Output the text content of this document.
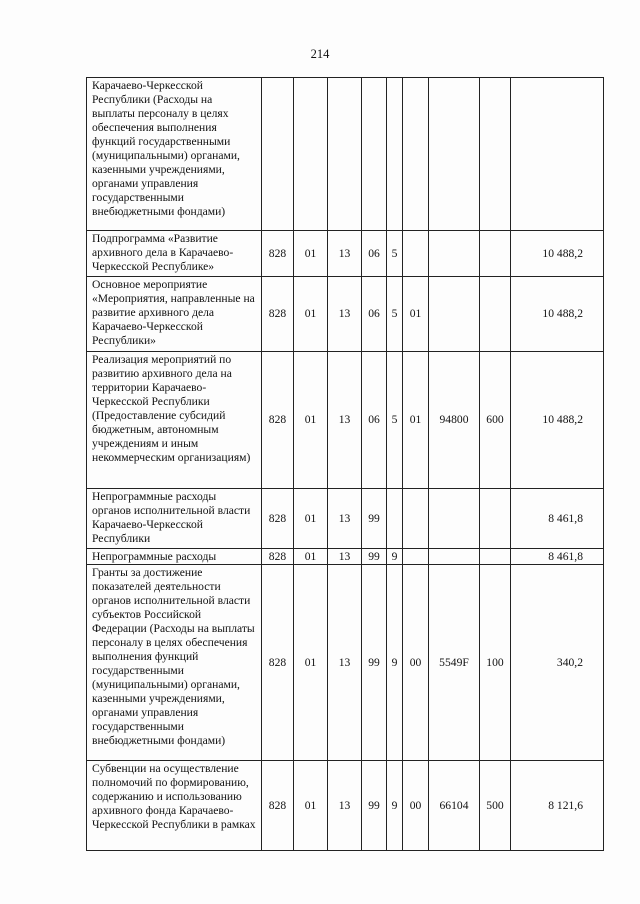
214
Карачаево-Черкесской Республики (Расходы на выплаты персоналу в целях обеспечения выполнения функций государственными (муниципальными) органами, казенными учреждениями, органами управления государственными внебюджетными фондами)									
Подпрограмма «Развитие архивного дела в Карачаево-Черкесской Республике»	828	01	13	06	5				10 488,2
Основное мероприятие «Мероприятия, направленные на развитие архивного дела Карачаево-Черкесской Республики»	828	01	13	06	5	01			10 488,2
Реализация мероприятий по развитию архивного дела на территории Карачаево-Черкесской Республики (Предоставление субсидий бюджетным, автономным учреждениям и иным некоммерческим организациям)	828	01	13	06	5	01	94800	600	10 488,2
Непрограммные расходы органов исполнительной власти Карачаево-Черкесской Республики	828	01	13	99					8 461,8
Непрограммные расходы	828	01	13	99	9				8 461,8
Гранты за достижение показателей деятельности органов исполнительной власти субъектов Российской Федерации (Расходы на выплаты персоналу в целях обеспечения выполнения функций государственными (муниципальными) органами, казенными учреждениями, органами управления государственными внебюджетными фондами)	828	01	13	99	9	00	5549F	100	340,2
Субвенции на осуществление полномочий по формированию, содержанию и использованию архивного фонда Карачаево-Черкесской Республики в рамках	828	01	13	99	9	00	66104	500	8 121,6
